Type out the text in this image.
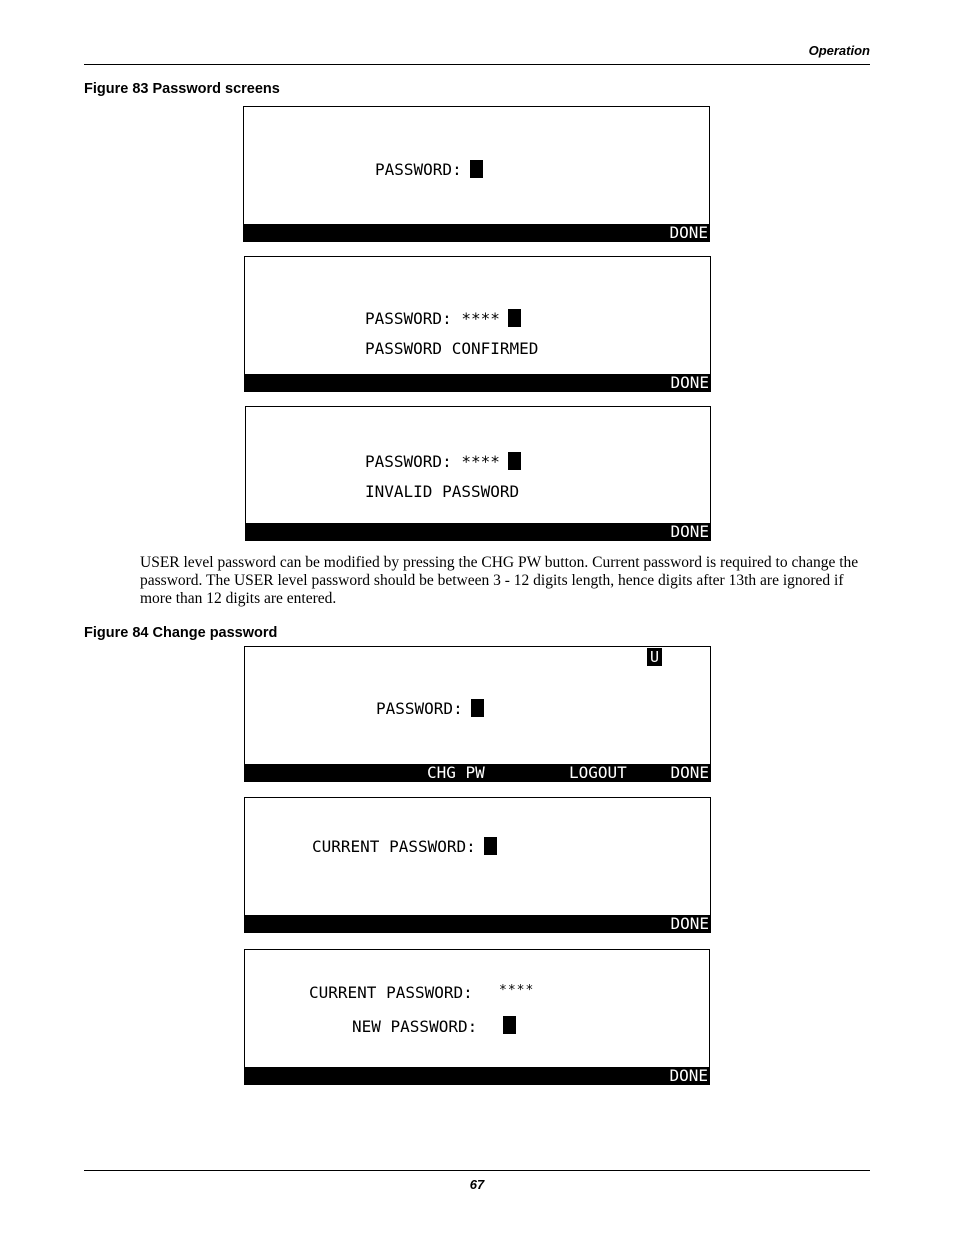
Operation
Figure 83 Password screens
PASSWORD:
DONE
PASSWORD: ****
PASSWORD CONFIRMED
DONE
PASSWORD: ****
INVALID PASSWORD
DONE

USER level password can be modified by pressing the CHG PW button. Current password is required to change the password. The USER level password should be between 3 - 12 digits length, hence digits after 13th are ignored if more than 12 digits are entered.

Figure 84 Change password
U
PASSWORD:
CHG PW	LOGOUT	DONE
CURRENT PASSWORD:
DONE
CURRENT PASSWORD: ****
NEW PASSWORD:
DONE
67
